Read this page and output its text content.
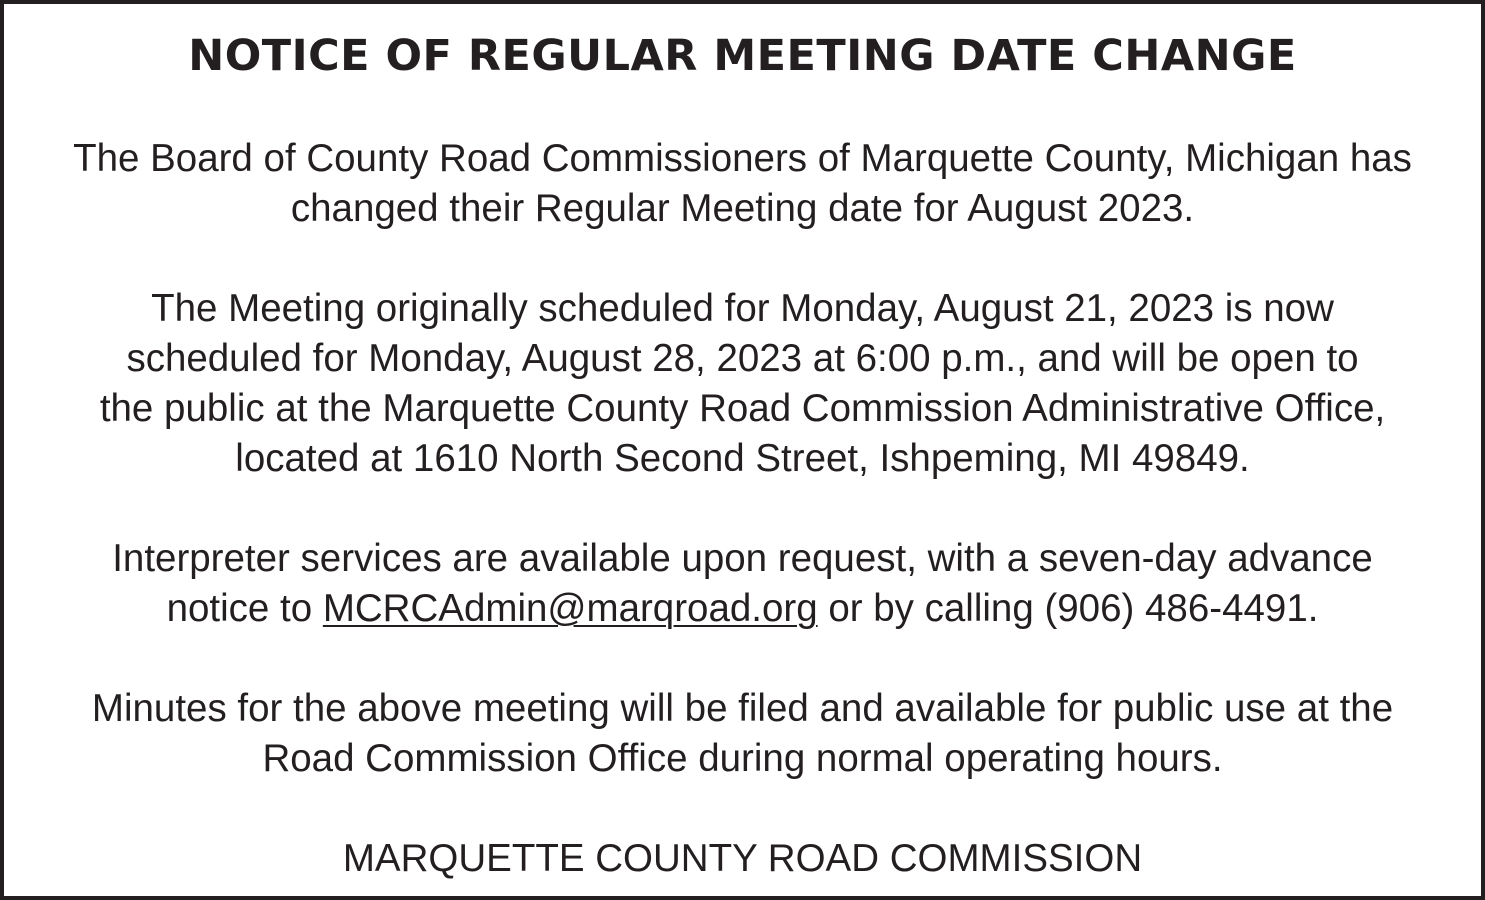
NOTICE OF REGULAR MEETING DATE CHANGE

The Board of County Road Commissioners of Marquette County, Michigan has
changed their Regular Meeting date for August 2023.

The Meeting originally scheduled for Monday, August 21, 2023 is now
scheduled for Monday, August 28, 2023 at 6:00 p.m., and will be open to
the public at the Marquette County Road Commission Administrative Office,
located at 1610 North Second Street, Ishpeming, MI 49849.

Interpreter services are available upon request, with a seven-day advance
notice to MCRCAdmin@marqroad.org or by calling (906) 486-4491.

Minutes for the above meeting will be filed and available for public use at the
Road Commission Office during normal operating hours.

MARQUETTE COUNTY ROAD COMMISSION
